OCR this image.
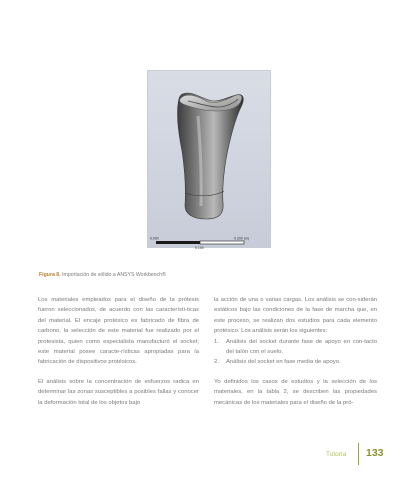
0.000	0.200 (m)
0.100
Figura 8. Importación de sólido a ANSYS Workbench®

Los materiales empleados para el diseño de la prótesis fueron seleccionados, de acuerdo con las característi-ticas del material. El encaje protésico es fabricado de fibra de carbono, la selección de este material fue realizado por el protesista, quien como especialista manufacturó el socket; este material posee caracte-rísticas apropiadas para la fabricación de dispositivos protésicos.

El análisis sobre la concentración de esfuerzos radica en determinar las zonas susceptibles a posibles fallas y conocer la deformación total de los objetos bajo

la acción de una o varias cargas. Los análisis se con-siderán estáticos bajo las condiciones de la fase de marcha que, en este proceso, se realizan dos estudios para cada elemento protésico. Los análisis serán los siguientes:

1.	Análisis del socket durante fase de apoyo en con-tacto del talón con el suelo.
2.	Análisis del socket en fase media de apoyo.

Yo definidos los casos de estudios y la selección de los materiales, en la tabla 2, se describen las propiedades mecánicas de los materiales para el diseño de la pró-

Tutoría 133
